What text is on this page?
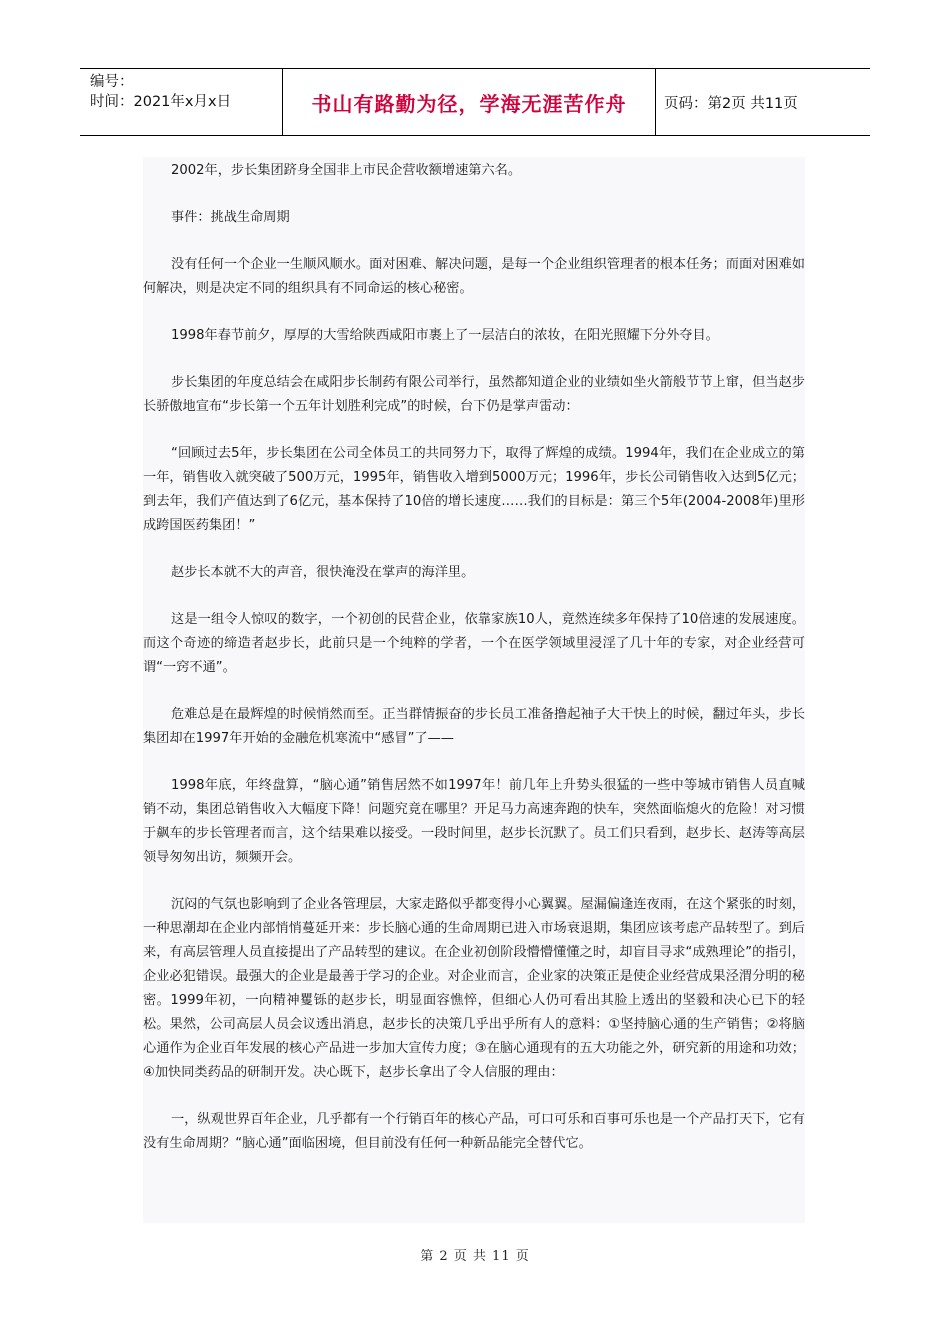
编号：
时间：2021年x月x日	书山有路勤为径，学海无涯苦作舟	页码：第2页 共11页

2002年，步长集团跻身全国非上市民企营收额增速第六名。

事件：挑战生命周期

没有任何一个企业一生顺风顺水。面对困难、解决问题，是每一个企业组织管理者的根本任务；而面对困难如何解决，则是决定不同的组织具有不同命运的核心秘密。

1998年春节前夕，厚厚的大雪给陕西咸阳市裹上了一层洁白的浓妆，在阳光照耀下分外夺目。

步长集团的年度总结会在咸阳步长制药有限公司举行，虽然都知道企业的业绩如坐火箭般节节上窜，但当赵步长骄傲地宣布“步长第一个五年计划胜利完成”的时候，台下仍是掌声雷动：

“回顾过去5年，步长集团在公司全体员工的共同努力下，取得了辉煌的成绩。1994年，我们在企业成立的第一年，销售收入就突破了500万元，1995年，销售收入增到5000万元；1996年，步长公司销售收入达到5亿元；到去年，我们产值达到了6亿元，基本保持了10倍的增长速度……我们的目标是：第三个5年(2004-2008年)里形成跨国医药集团！”

赵步长本就不大的声音，很快淹没在掌声的海洋里。

这是一组令人惊叹的数字，一个初创的民营企业，依靠家族10人，竟然连续多年保持了10倍速的发展速度。而这个奇迹的缔造者赵步长，此前只是一个纯粹的学者，一个在医学领域里浸淫了几十年的专家，对企业经营可谓“一窍不通”。

危难总是在最辉煌的时候悄然而至。正当群情振奋的步长员工准备撸起袖子大干快上的时候，翻过年头，步长集团却在1997年开始的金融危机寒流中“感冒”了——

1998年底，年终盘算，“脑心通”销售居然不如1997年！前几年上升势头很猛的一些中等城市销售人员直喊销不动，集团总销售收入大幅度下降！问题究竟在哪里？开足马力高速奔跑的快车，突然面临熄火的危险！对习惯于飙车的步长管理者而言，这个结果难以接受。一段时间里，赵步长沉默了。员工们只看到，赵步长、赵涛等高层领导匆匆出访，频频开会。

沉闷的气氛也影响到了企业各管理层，大家走路似乎都变得小心翼翼。屋漏偏逢连夜雨，在这个紧张的时刻，一种思潮却在企业内部悄悄蔓延开来：步长脑心通的生命周期已进入市场衰退期，集团应该考虑产品转型了。到后来，有高层管理人员直接提出了产品转型的建议。在企业初创阶段懵懵懂懂之时，却盲目寻求“成熟理论”的指引，企业必犯错误。最强大的企业是最善于学习的企业。对企业而言，企业家的决策正是使企业经营成果泾渭分明的秘密。1999年初，一向精神矍铄的赵步长，明显面容憔悴，但细心人仍可看出其脸上透出的坚毅和决心已下的轻松。果然，公司高层人员会议透出消息，赵步长的决策几乎出乎所有人的意料：①坚持脑心通的生产销售；②将脑心通作为企业百年发展的核心产品进一步加大宣传力度；③在脑心通现有的五大功能之外，研究新的用途和功效；④加快同类药品的研制开发。决心既下，赵步长拿出了令人信服的理由：

一，纵观世界百年企业，几乎都有一个行销百年的核心产品，可口可乐和百事可乐也是一个产品打天下，它有没有生命周期？“脑心通”面临困境，但目前没有任何一种新品能完全替代它。

第 2 页 共 11 页
